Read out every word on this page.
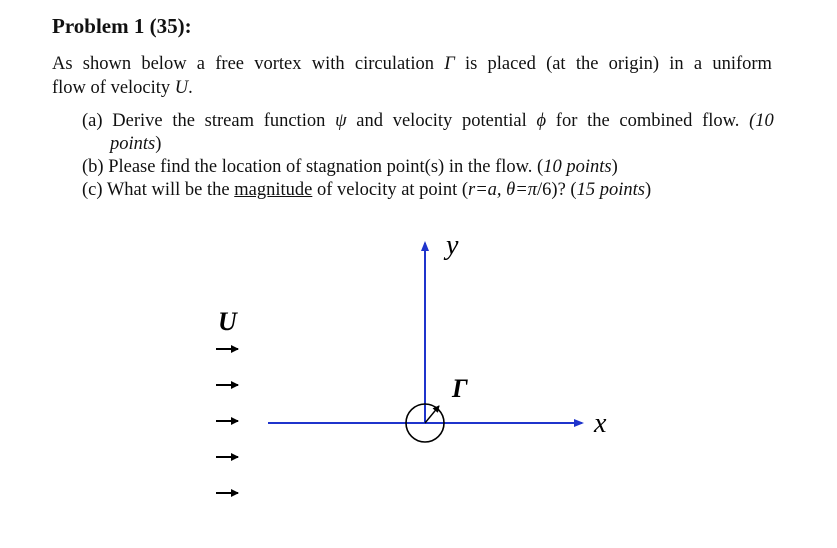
Problem 1 (35):
As shown below a free vortex with circulation Γ is placed (at the origin) in a uniform
flow of velocity U.
(a) Derive the stream function ψ and velocity potential ϕ for the combined flow. (10
points)
(b) Please find the location of stagnation point(s) in the flow. (10 points)
(c) What will be the magnitude of velocity at point (r=a, θ=π/6)? (15 points)
U
Γ
x
y
